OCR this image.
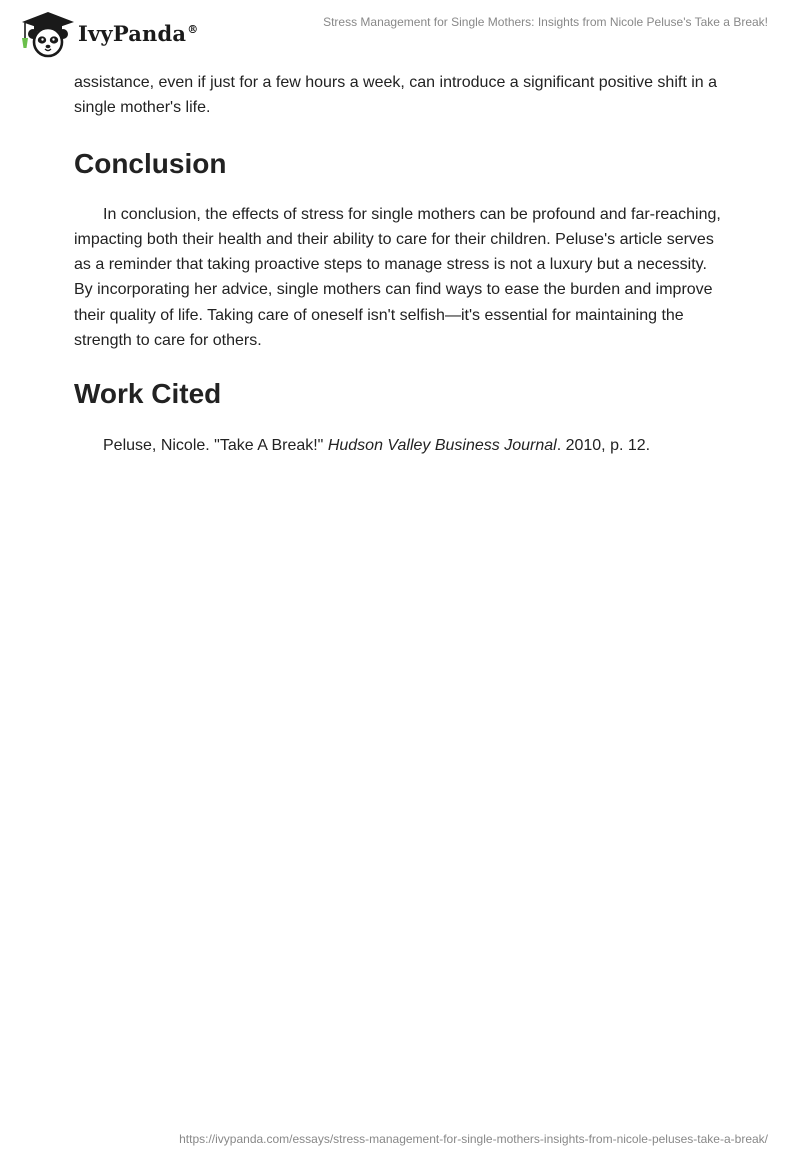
IvyPanda®	Stress Management for Single Mothers: Insights from Nicole Peluse's Take a Break!

assistance, even if just for a few hours a week, can introduce a significant positive shift in a single mother's life.

Conclusion

In conclusion, the effects of stress for single mothers can be profound and far-reaching, impacting both their health and their ability to care for their children. Peluse's article serves as a reminder that taking proactive steps to manage stress is not a luxury but a necessity. By incorporating her advice, single mothers can find ways to ease the burden and improve their quality of life. Taking care of oneself isn't selfish—it's essential for maintaining the strength to care for others.

Work Cited

Peluse, Nicole. "Take A Break!" Hudson Valley Business Journal. 2010, p. 12.

https://ivypanda.com/essays/stress-management-for-single-mothers-insights-from-nicole-peluses-take-a-break/
